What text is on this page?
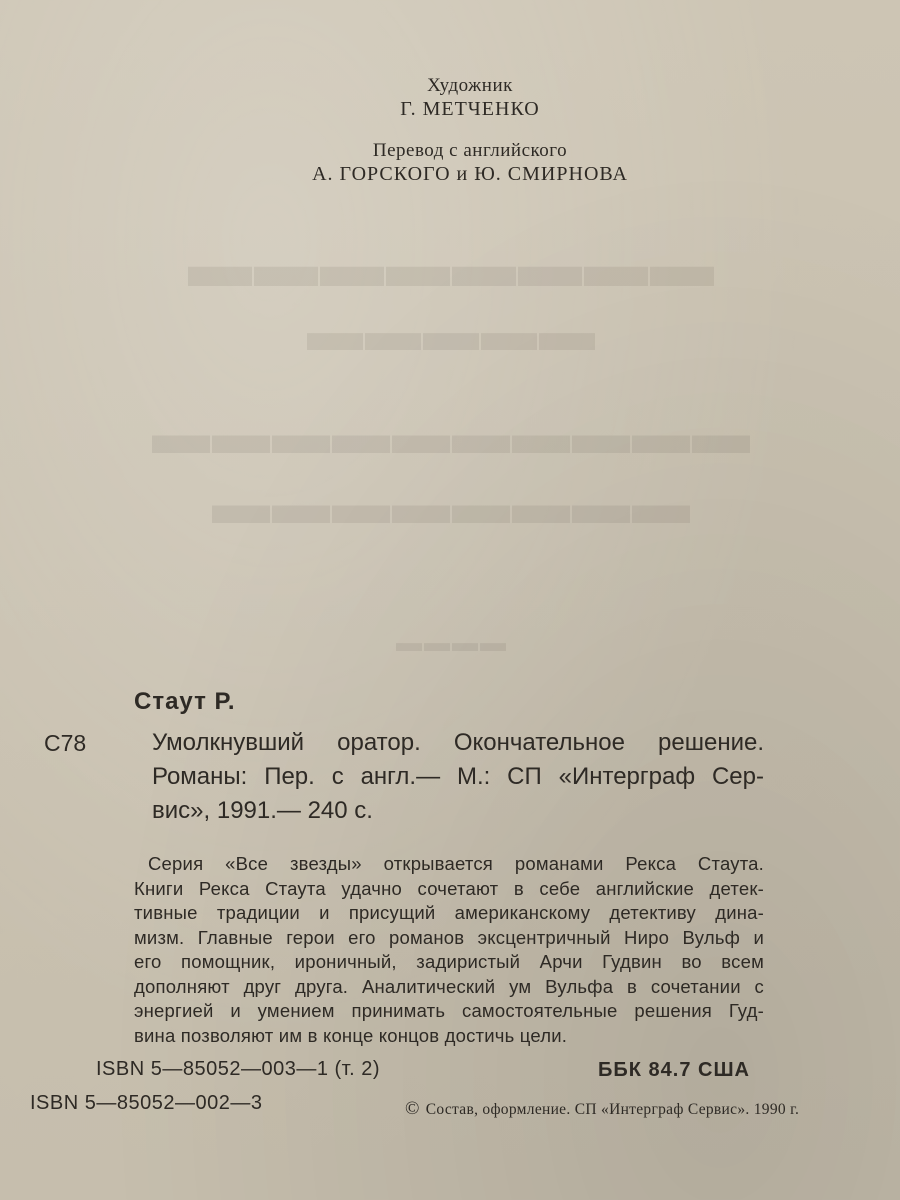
▬▬▬▬▬▬▬▬
▬▬▬▬▬
▬▬▬▬▬▬▬▬▬▬
▬▬▬▬▬▬▬▬
▬▬▬▬
Художник
Г. МЕТЧЕНКО
Перевод с английского
А. ГОРСКОГО и Ю. СМИРНОВА
Стаут Р.
С78	Умолкнувший оратор. Окончательное решение.
Романы: Пер. с англ.— М.: СП «Интерграф Сер-
вис», 1991.— 240 с.
Серия «Все звезды» открывается романами Рекса Стаута.
Книги Рекса Стаута удачно сочетают в себе английские детек-
тивные традиции и присущий американскому детективу дина-
мизм. Главные герои его романов эксцентричный Ниро Вульф и
его помощник, ироничный, задиристый Арчи Гудвин во всем
дополняют друг друга. Аналитический ум Вульфа в сочетании с
энергией и умением принимать самостоятельные решения Гуд-
вина позволяют им в конце концов достичь цели.
ISBN 5—85052—003—1 (т. 2)
ISBN 5—85052—002—3
ББК 84.7 США
© Состав, оформление. СП «Интерграф Сервис». 1990 г.
